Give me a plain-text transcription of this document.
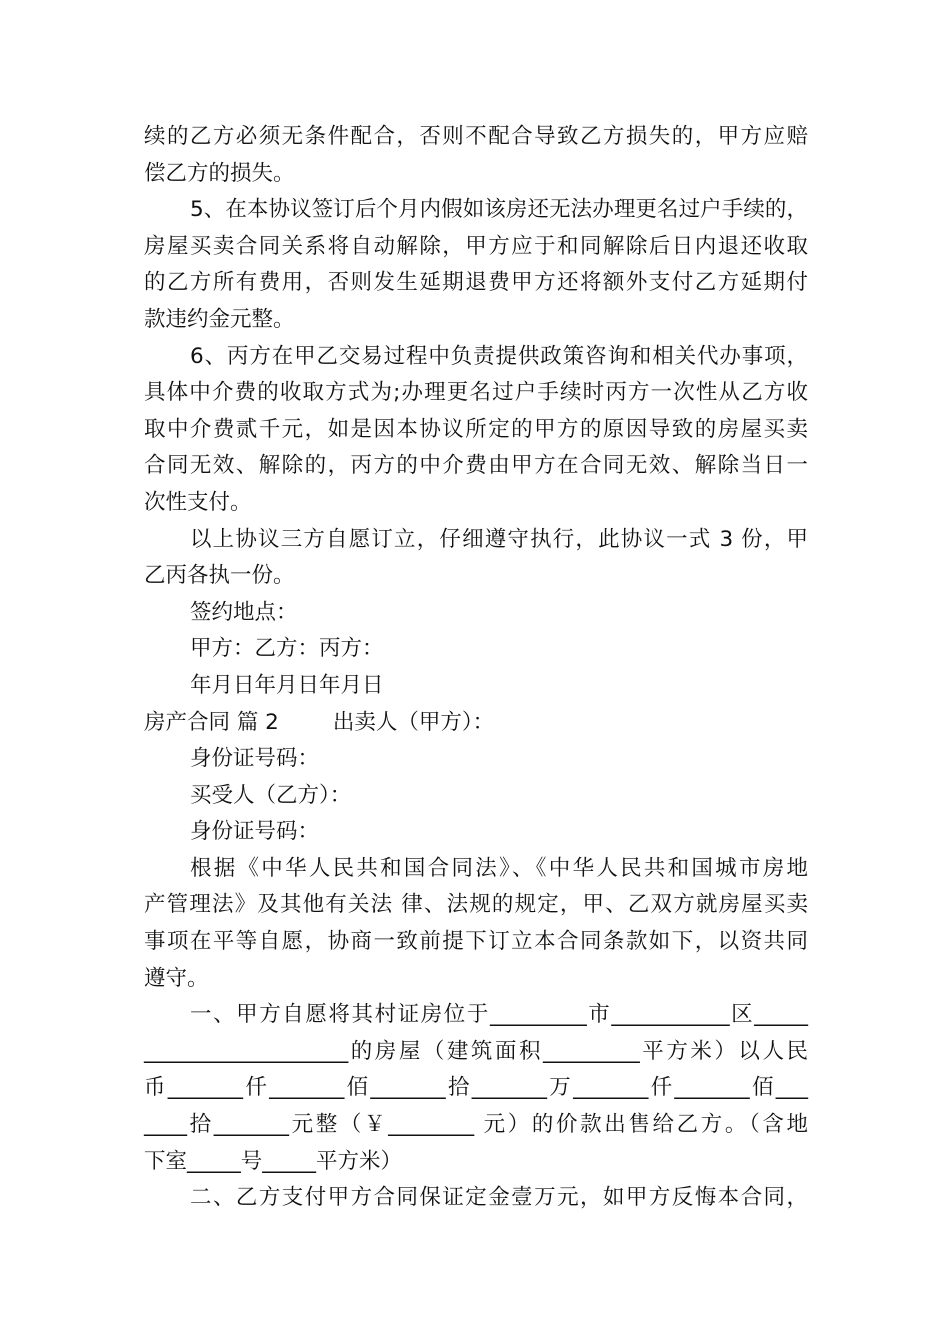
续的乙方必须无条件配合，否则不配合导致乙方损失的，甲方应赔
偿乙方的损失。
5、在本协议签订后个月内假如该房还无法办理更名过户手续的，
房屋买卖合同关系将自动解除，甲方应于和同解除后日内退还收取
的乙方所有费用，否则发生延期退费甲方还将额外支付乙方延期付
款违约金元整。
6、丙方在甲乙交易过程中负责提供政策咨询和相关代办事项，
具体中介费的收取方式为;办理更名过户手续时丙方一次性从乙方收
取中介费贰千元，如是因本协议所定的甲方的原因导致的房屋买卖
合同无效、解除的，丙方的中介费由甲方在合同无效、解除当日一
次性支付。
以上协议三方自愿订立，仔细遵守执行，此协议一式 3 份，甲
乙丙各执一份。
签约地点：
甲方：乙方：丙方：
年月日年月日年月日
房产合同 篇 2	出卖人（甲方）：
身份证号码：
买受人（乙方）：
身份证号码：
根据《中华人民共和国合同法》、《中华人民共和国城市房地
产管理法》及其他有关法 律、法规的规定，甲、乙双方就房屋买卖
事项在平等自愿，协商一致前提下订立本合同条款如下，以资共同
遵守。
一、甲方自愿将其村证房位于_________市___________区_____
___________________的房屋（建筑面积_________平方米）以人民
币_______仟_______佰_______拾_______万_______仟_______佰___
____拾_______元整（￥________ 元）的价款出售给乙方。（含地
下室_____号_____平方米）
二、乙方支付甲方合同保证定金壹万元，如甲方反悔本合同，
